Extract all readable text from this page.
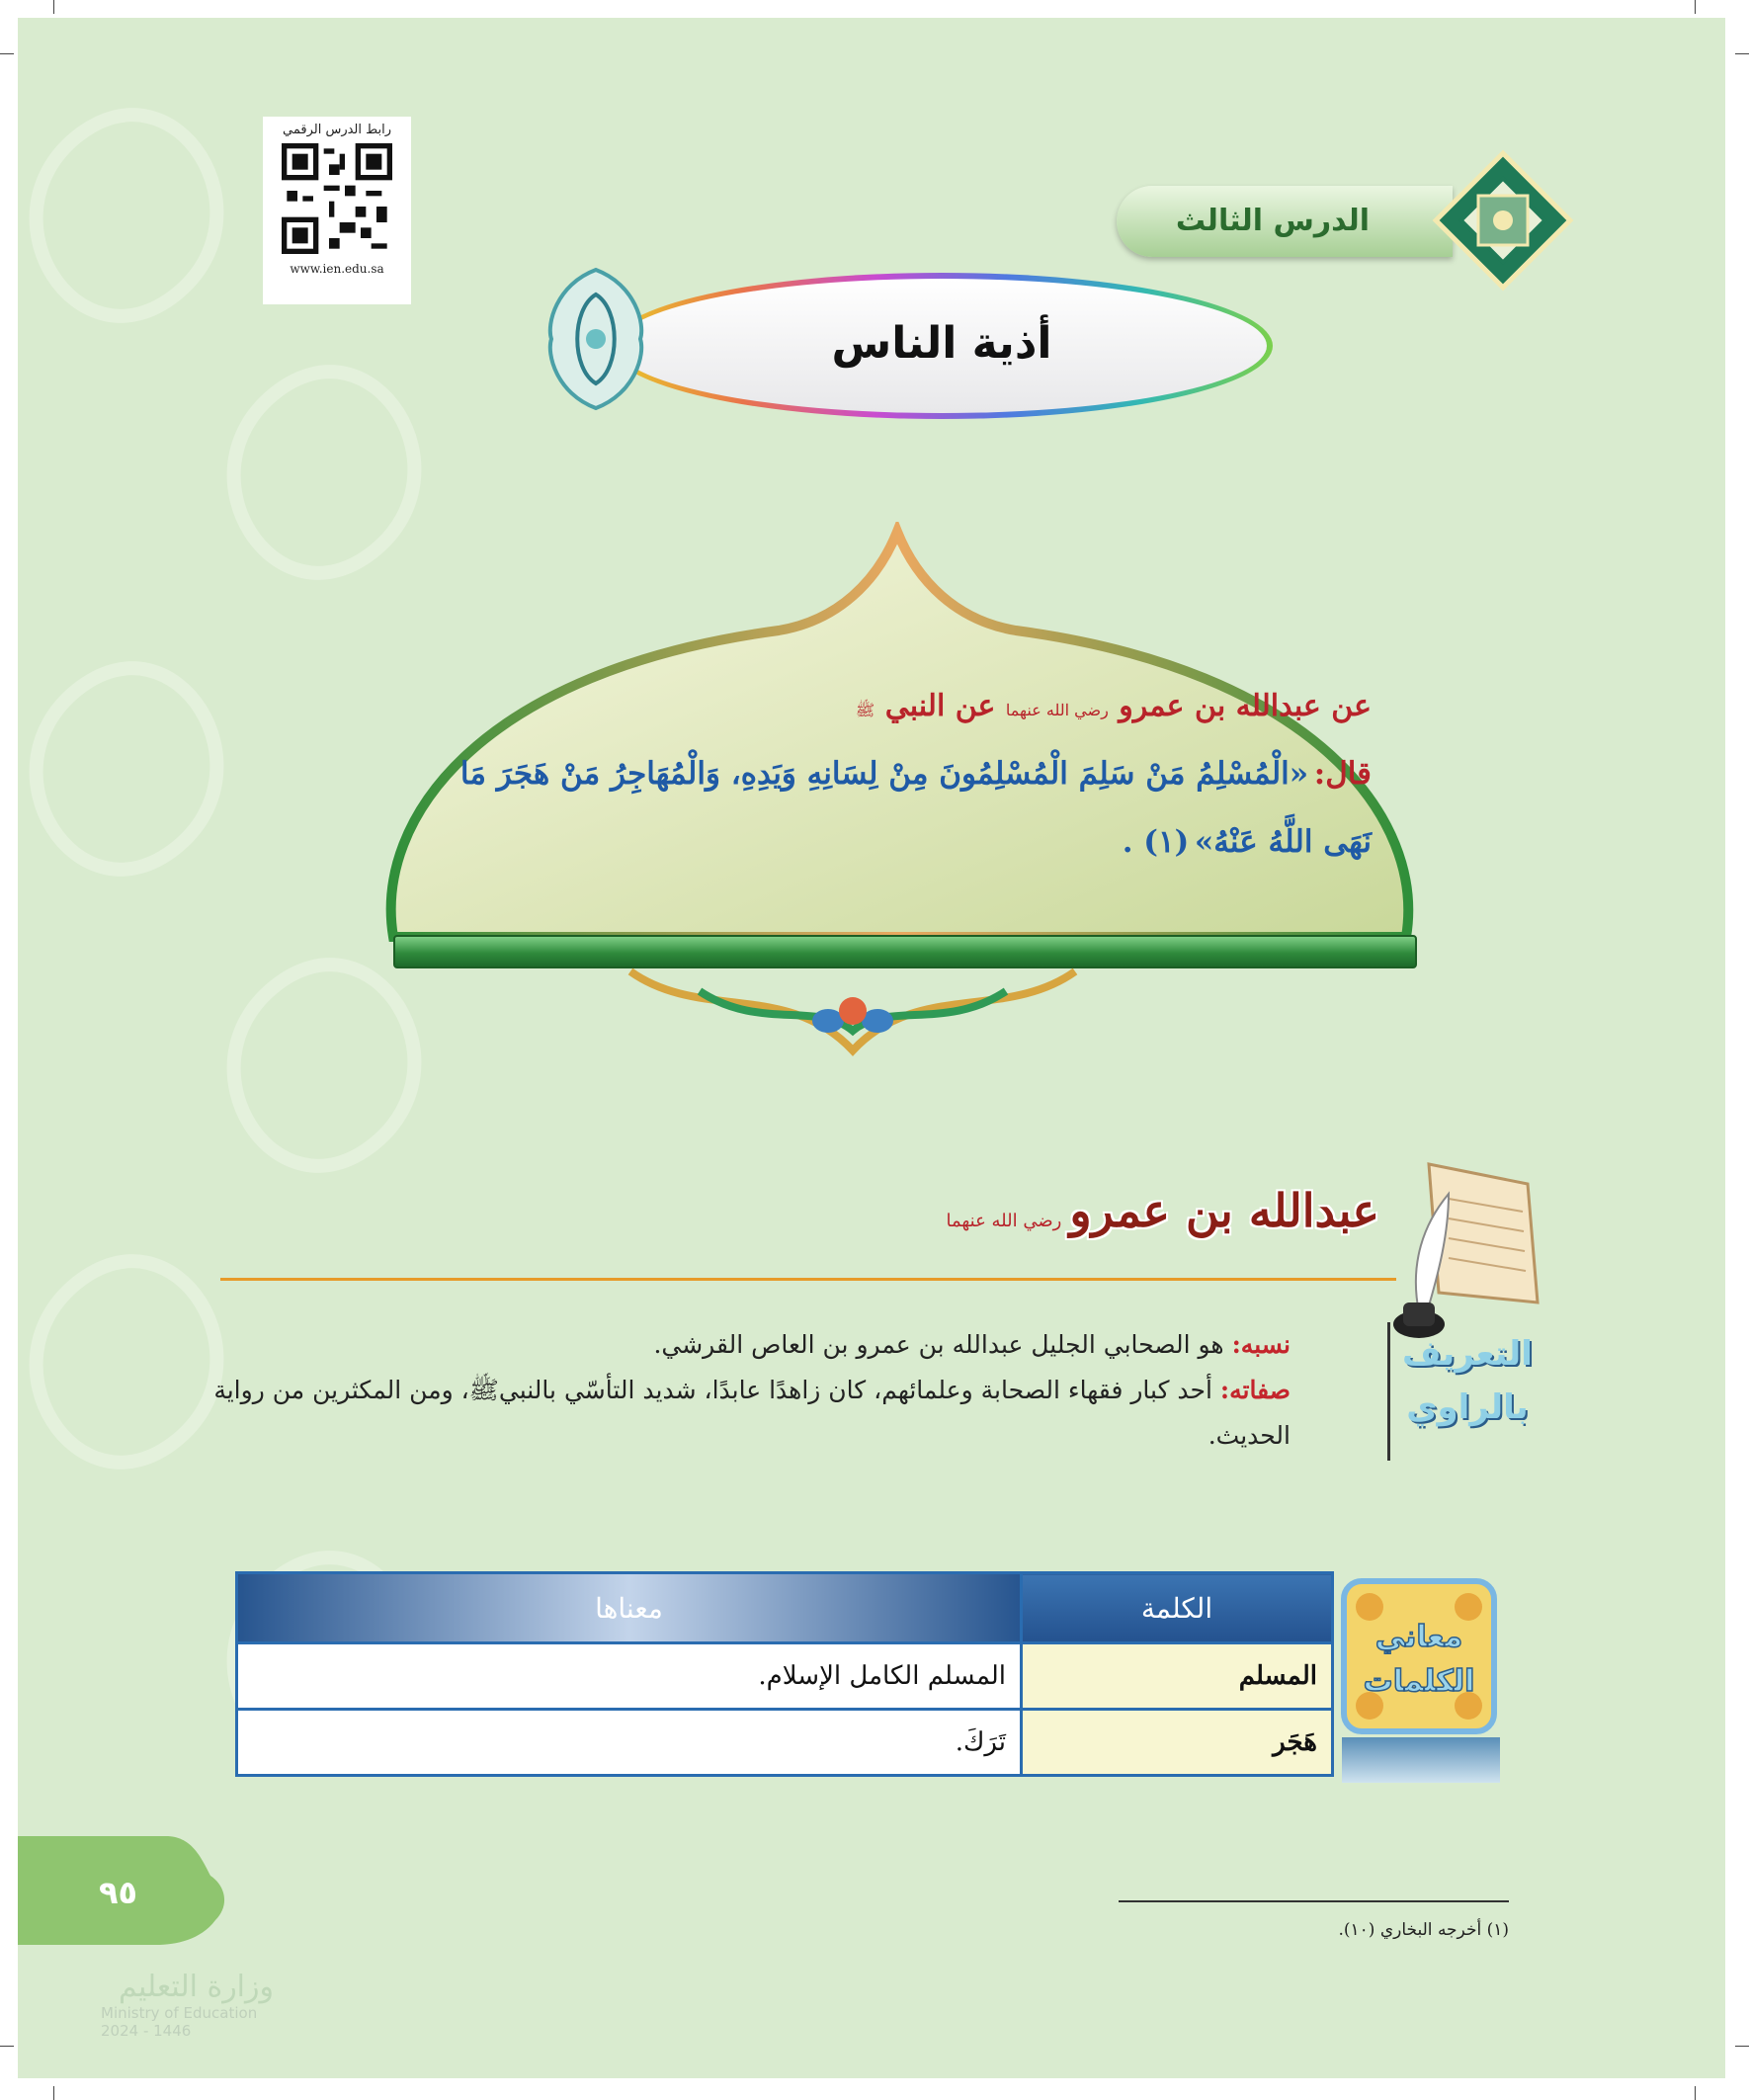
رابط الدرس الرقمي
www.ien.edu.sa
الدرس الثالث
أذية الناس
عن عبدالله بن عمرو رضي الله عنهما عن النبي ﷺ
قال: «الْمُسْلِمُ مَنْ سَلِمَ الْمُسْلِمُونَ مِنْ لِسَانِهِ وَيَدِهِ، وَالْمُهَاجِرُ مَنْ هَجَرَ مَا نَهَى اللَّهُ عَنْهُ» (١) .
عبدالله بن عمرورضي الله عنهما
التعريف
بالراوي
نسبه: هو الصحابي الجليل عبدالله بن عمرو بن العاص القرشي.
صفاته: أحد كبار فقهاء الصحابة وعلمائهم، كان زاهدًا عابدًا، شديد التأسّي بالنبيﷺ، ومن المكثرين من رواية الحديث.
معاني
الكلمات
الكلمة	معناها
المسلم	المسلم الكامل الإسلام.
هَجَر	تَرَكَ.
(١) أخرجه البخاري (١٠).
٩٥
وزارة التعليم
Ministry of Education
2024 - 1446
